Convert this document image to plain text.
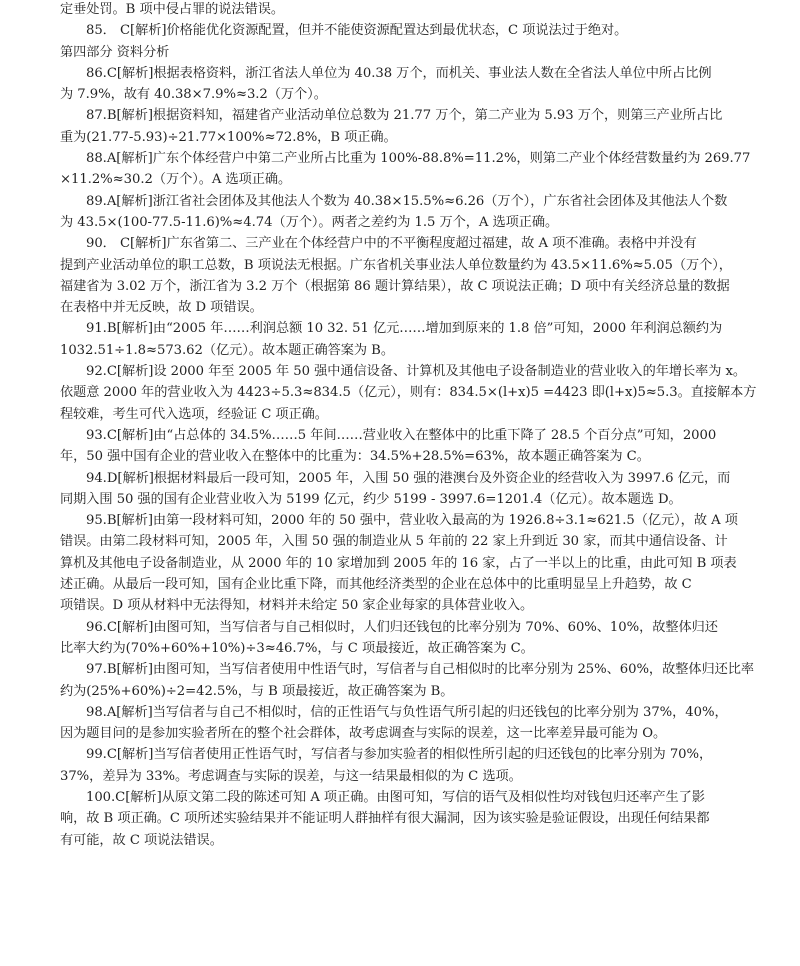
定垂处罚。B 项中侵占罪的说法错误。
85． C[解析]价格能优化资源配置，但并不能使资源配置达到最优状态，C 项说法过于绝对。
第四部分 资料分析
86.C[解析]根据表格资料，浙江省法人单位为 40.38 万个，而机关、事业法人数在全省法人单位中所占比例
为 7.9%，故有 40.38×7.9%≈3.2（万个）。
87.B[解析]根据资料知，福建省产业活动单位总数为 21.77 万个，第二产业为 5.93 万个，则第三产业所占比
重为(21.77-5.93)÷21.77×100%≈72.8%，B 项正确。
88.A[解析]广东个体经营户中第二产业所占比重为 100%-88.8%=11.2%，则第二产业个体经营数量约为 269.77
×11.2%≈30.2（万个）。A 选项正确。
89.A[解析]浙江省社会团体及其他法人个数为 40.38×15.5%≈6.26（万个），广东省社会团体及其他法人个数
为 43.5×(100-77.5-11.6)%≈4.74（万个）。两者之差约为 1.5 万个，A 选项正确。
90． C[解析]广东省第二、三产业在个体经营户中的不平衡程度超过福建，故 A 项不准确。表格中并没有
提到产业活动单位的职工总数，B 项说法无根据。广东省机关事业法人单位数量约为 43.5×11.6%≈5.05（万个），
福建省为 3.02 万个，浙江省为 3.2 万个（根据第 86 题计算结果），故 C 项说法正确；D 项中有关经济总量的数据
在表格中并无反映，故 D 项错误。
91.B[解析]由“2005 年……利润总额 10 32. 51 亿元……增加到原来的 1.8 倍”可知，2000 年利润总额约为
1032.51÷1.8≈573.62（亿元）。故本题正确答案为 B。
92.C[解析]设 2000 年至 2005 年 50 强中通信设备、计算机及其他电子设备制造业的营业收入的年增长率为 x。
依题意 2000 年的营业收入为 4423÷5.3≈834.5（亿元），则有：834.5×(l+x)5 =4423 即(l+x)5≈5.3。直接解本方
程较难，考生可代入选项，经验证 C 项正确。
93.C[解析]由“占总体的 34.5%……5 年间……营业收入在整体中的比重下降了 28.5 个百分点”可知，2000
年，50 强中国有企业的营业收入在整体中的比重为：34.5%+28.5%=63%，故本题正确答案为 C。
94.D[解析]根据材料最后一段可知，2005 年，入围 50 强的港澳台及外资企业的经营收入为 3997.6 亿元，而
同期入围 50 强的国有企业营业收入为 5199 亿元，约少 5199 - 3997.6=1201.4（亿元）。故本题选 D。
95.B[解析]由第一段材料可知，2000 年的 50 强中，营业收入最高的为 1926.8÷3.1≈621.5（亿元），故 A 项
错误。由第二段材料可知，2005 年，入围 50 强的制造业从 5 年前的 22 家上升到近 30 家，而其中通信设备、计
算机及其他电子设备制造业，从 2000 年的 10 家增加到 2005 年的 16 家，占了一半以上的比重，由此可知 B 项表
述正确。从最后一段可知，国有企业比重下降，而其他经济类型的企业在总体中的比重明显呈上升趋势，故 C
项错误。D 项从材料中无法得知，材料并未给定 50 家企业每家的具体营业收入。
96.C[解析]由图可知，当写信者与自己相似时，人们归还钱包的比率分别为 70%、60%、10%，故整体归还
比率大约为(70%+60%+10%)÷3≈46.7%，与 C 项最接近，故正确答案为 C。
97.B[解析]由图可知，当写信者使用中性语气时，写信者与自己相似时的比率分别为 25%、60%，故整体归还比率
约为(25%+60%)÷2=42.5%，与 B 项最接近，故正确答案为 B。
98.A[解析]当写信者与自己不相似时，信的正性语气与负性语气所引起的归还钱包的比率分别为 37%，40%，
因为题目问的是参加实验者所在的整个社会群体，故考虑调查与实际的误差，这一比率差异最可能为 O。
99.C[解析]当写信者使用正性语气时，写信者与参加实验者的相似性所引起的归还钱包的比率分别为 70%，
37%，差异为 33%。考虑调查与实际的误差，与这一结果最相似的为 C 选项。
100.C[解析]从原文第二段的陈述可知 A 项正确。由图可知，写信的语气及相似性均对钱包归还率产生了影
响，故 B 项正确。C 项所述实验结果并不能证明人群抽样有很大漏洞，因为该实验是验证假设，出现任何结果都
有可能，故 C 项说法错误。
